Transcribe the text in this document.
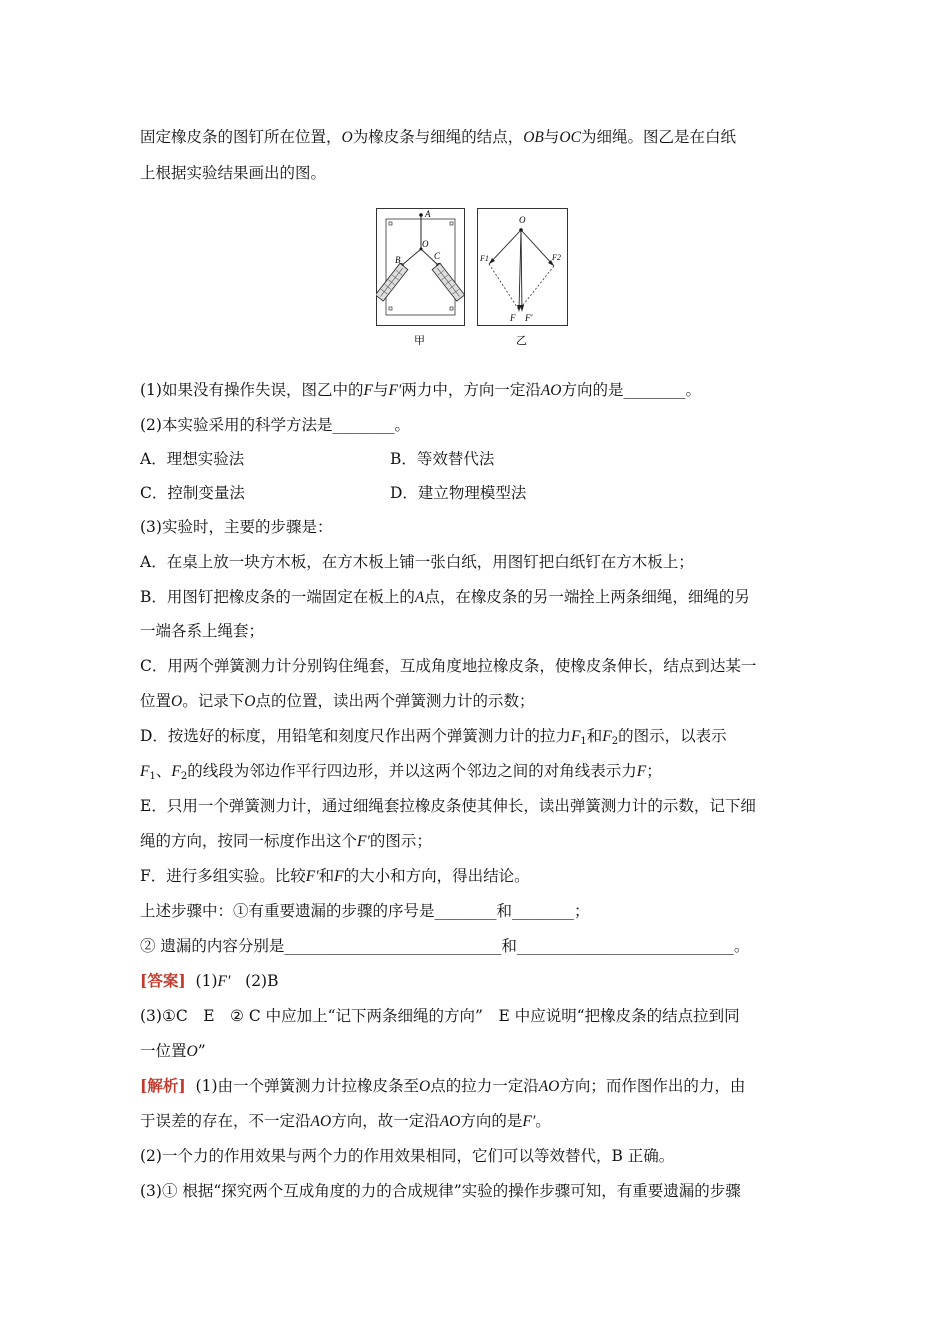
固定橡皮条的图钉所在位置，O为橡皮条与细绳的结点，OB与OC为细绳。图乙是在白纸
上根据实验结果画出的图。
A
O
B	C
甲
O
F1	F2
F F′
乙
(1)如果没有操作失误，图乙中的F与F′两力中，方向一定沿AO方向的是________。
(2)本实验采用的科学方法是________。
A．理想实验法	B．等效替代法
C．控制变量法	D．建立物理模型法
(3)实验时，主要的步骤是：
A．在桌上放一块方木板，在方木板上铺一张白纸，用图钉把白纸钉在方木板上；
B．用图钉把橡皮条的一端固定在板上的A点，在橡皮条的另一端拴上两条细绳，细绳的另
一端各系上绳套；
C．用两个弹簧测力计分别钩住绳套，互成角度地拉橡皮条，使橡皮条伸长，结点到达某一
位置O。记录下O点的位置，读出两个弹簧测力计的示数；
D．按选好的标度，用铅笔和刻度尺作出两个弹簧测力计的拉力$F_1$和$F_2$的图示，以表示
$F_1$、$F_2$的线段为邻边作平行四边形，并以这两个邻边之间的对角线表示力F；
E．只用一个弹簧测力计，通过细绳套拉橡皮条使其伸长，读出弹簧测力计的示数，记下细
绳的方向，按同一标度作出这个F′的图示；
F．进行多组实验。比较F′和F的大小和方向，得出结论。
上述步骤中：①有重要遗漏的步骤的序号是________和________；
② 遗漏的内容分别是____________________________和____________________________。
[答案] (1)F′ (2)B
(3)①C　E　② C 中应加上“记下两条细绳的方向”　E 中应说明“把橡皮条的结点拉到同
一位置O”
[解析] (1)由一个弹簧测力计拉橡皮条至O点的拉力一定沿AO方向；而作图作出的力，由
于误差的存在，不一定沿AO方向，故一定沿AO方向的是F′。
(2)一个力的作用效果与两个力的作用效果相同，它们可以等效替代，B 正确。
(3)① 根据“探究两个互成角度的力的合成规律”实验的操作步骤可知，有重要遗漏的步骤
